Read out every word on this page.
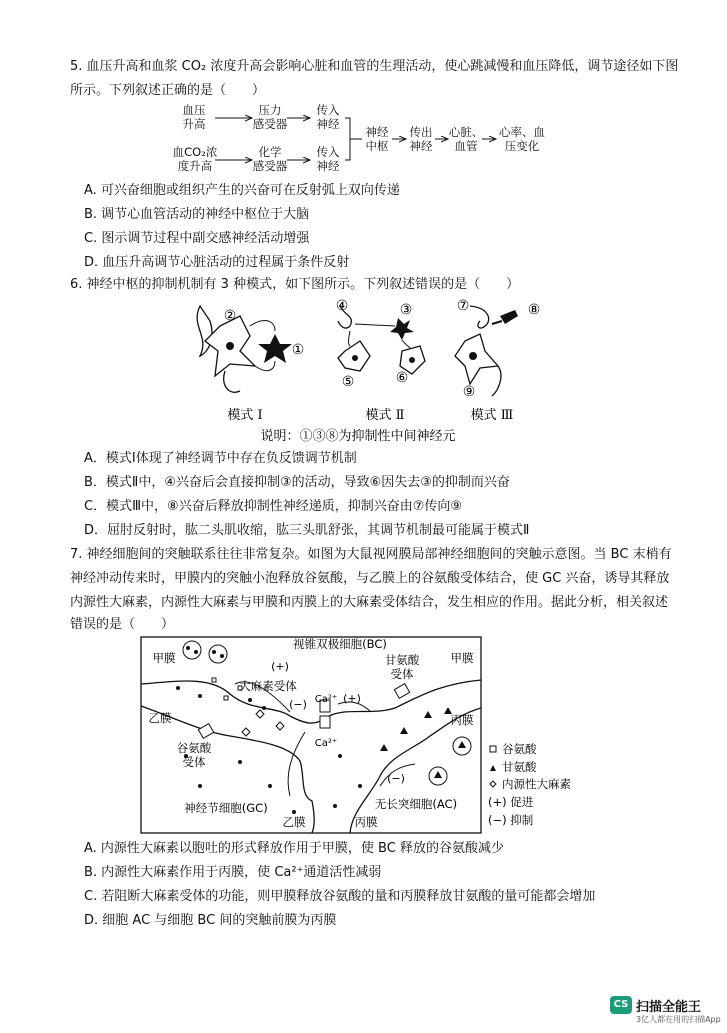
5. 血压升高和血浆 CO₂ 浓度升高会影响心脏和血管的生理活动，使心跳减慢和血压降低，调节途径如下图
所示。下列叙述正确的是（　　）
血压
升高
压力
感受器
传入
神经
血CO₂浓
度升高
化学
感受器
传入
神经
神经
中枢
传出
神经
心脏、
血管
心率、血
压变化
A. 可兴奋细胞或组织产生的兴奋可在反射弧上双向传递
B. 调节心血管活动的神经中枢位于大脑
C. 图示调节过程中副交感神经活动增强
D. 血压升高调节心脏活动的过程属于条件反射
6. 神经中枢的抑制机制有 3 种模式，如下图所示。下列叙述错误的是（　　）
②
①
④	③
⑤	⑥
⑦	⑧
⑨
模式 Ⅰ	模式 Ⅱ	模式 Ⅲ
说明：①③⑧为抑制性中间神经元
A．模式Ⅰ体现了神经调节中存在负反馈调节机制
B．模式Ⅱ中，④兴奋后会直接抑制③的活动，导致⑥因失去③的抑制而兴奋
C．模式Ⅲ中，⑧兴奋后释放抑制性神经递质，抑制兴奋由⑦传向⑨
D．屈肘反射时，肱二头肌收缩，肱三头肌舒张，其调节机制最可能属于模式Ⅱ
7. 神经细胞间的突触联系往往非常复杂。如图为大鼠视网膜局部神经细胞间的突触示意图。当 BC 末梢有
神经冲动传来时，甲膜内的突触小泡释放谷氨酸，与乙膜上的谷氨酸受体结合，使 GC 兴奋，诱导其释放
内源性大麻素，内源性大麻素与甲膜和丙膜上的大麻素受体结合，发生相应的作用。据此分析，相关叙述
错误的是（　　）
视锥双极细胞(BC)
甲膜	甲膜
乙膜
乙膜
丙膜
丙膜
大麻素受体
甘氨酸
受体
谷氨酸
受体
神经节细胞(GC)	无长突细胞(AC)
Ca²⁺
Ca²⁺
(+)
(+)
(−)
(−)
谷氨酸
甘氨酸
内源性大麻素
(+) 促进
(−) 抑制
A. 内源性大麻素以胞吐的形式释放作用于甲膜，使 BC 释放的谷氨酸减少
B. 内源性大麻素作用于丙膜，使 Ca²⁺通道活性减弱
C. 若阻断大麻素受体的功能，则甲膜释放谷氨酸的量和丙膜释放甘氨酸的量可能都会增加
D. 细胞 AC 与细胞 BC 间的突触前膜为丙膜
CS 扫描全能王
3亿人都在用的扫描App
